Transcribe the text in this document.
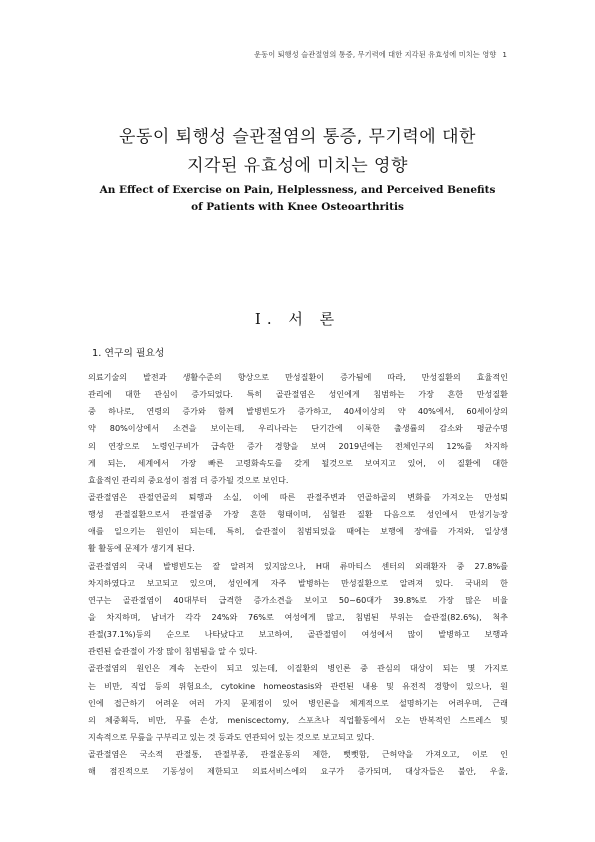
운동이 퇴행성 슬관절염의 통증, 무기력에 대한 지각된 유효성에 미치는 영향 1
운동이 퇴행성 슬관절염의 통증, 무기력에 대한
지각된 유효성에 미치는 영향
An Effect of Exercise on Pain, Helplessness, and Perceived Benefits
of Patients with Knee Osteoarthritis
Ⅰ. 서 론
1. 연구의 필요성
의료기술의 발전과 생활수준의 향상으로 만성질환이 증가됨에 따라, 만성질환의 효율적인
관리에 대한 관심이 증가되었다. 특히 골관절염은 성인에게 침범하는 가장 흔한 만성질환
중 하나로, 연령의 증가와 함께 발병빈도가 증가하고, 40세이상의 약 40%에서, 60세이상의
약 80%이상에서 소견을 보이는데, 우리나라는 단기간에 이룩한 출생률의 감소와 평균수명
의 연장으로 노령인구비가 급속한 증가 경향을 보여 2019년에는 전체인구의 12%를 차지하
게 되는, 세계에서 가장 빠른 고령화속도를 갖게 될것으로 보여지고 있어, 이 질환에 대한
효율적인 관리의 중요성이 점점 더 증가될 것으로 보인다.
골관절염은 관절연골의 퇴행과 소실, 이에 따른 관절주변과 연골하골의 변화를 가져오는 만성퇴
행성 관절질환으로서 관절염중 가장 흔한 형태이며, 심혈관 질환 다음으로 성인에서 만성기능장
애를 일으키는 원인이 되는데, 특히, 슬관절이 침범되었을 때에는 보행에 장애를 가져와, 일상생
활 활동에 문제가 생기게 된다.
골관절염의 국내 발병빈도는 잘 알려져 있지않으나, H대 류마티스 센터의 외래환자 중 27.8%를
차지하였다고 보고되고 있으며, 성인에게 자주 발병하는 만성질환으로 알려져 있다. 국내의 한
연구는 골관절염이 40대부터 급격한 증가소견을 보이고 50~60대가 39.8%로 가장 많은 비율
을 차지하며, 남녀가 각각 24%와 76%로 여성에게 많고, 침범된 부위는 슬관절(82.6%), 척추
관절(37.1%)등의 순으로 나타났다고 보고하여, 골관절염이 여성에서 많이 발병하고 보행과
관련된 슬관절이 가장 많이 침범됨을 알 수 있다.
골관절염의 원인은 계속 논란이 되고 있는데, 이질환의 병인론 중 관심의 대상이 되는 몇 가지로
는 비만, 직업 등의 위험요소, cytokine homeostasis와 관련된 내용 및 유전적 경향이 있으나, 원
인에 접근하기 어려운 여러 가지 문제점이 있어 병인론을 체계적으로 설명하기는 어려우며, 근래
의 체중획득, 비만, 무릎 손상, meniscectomy, 스포츠나 직업활동에서 오는 반복적인 스트레스 및
지속적으로 무릎을 구부리고 있는 것 등과도 연관되어 있는 것으로 보고되고 있다.
골관절염은 국소적 관절통, 관절부종, 관절운동의 제한, 뻣뻣함, 근허약을 가져오고, 이로 인
해 점진적으로 기동성이 제한되고 의료서비스에의 요구가 증가되며, 대상자들은 불안, 우울,
